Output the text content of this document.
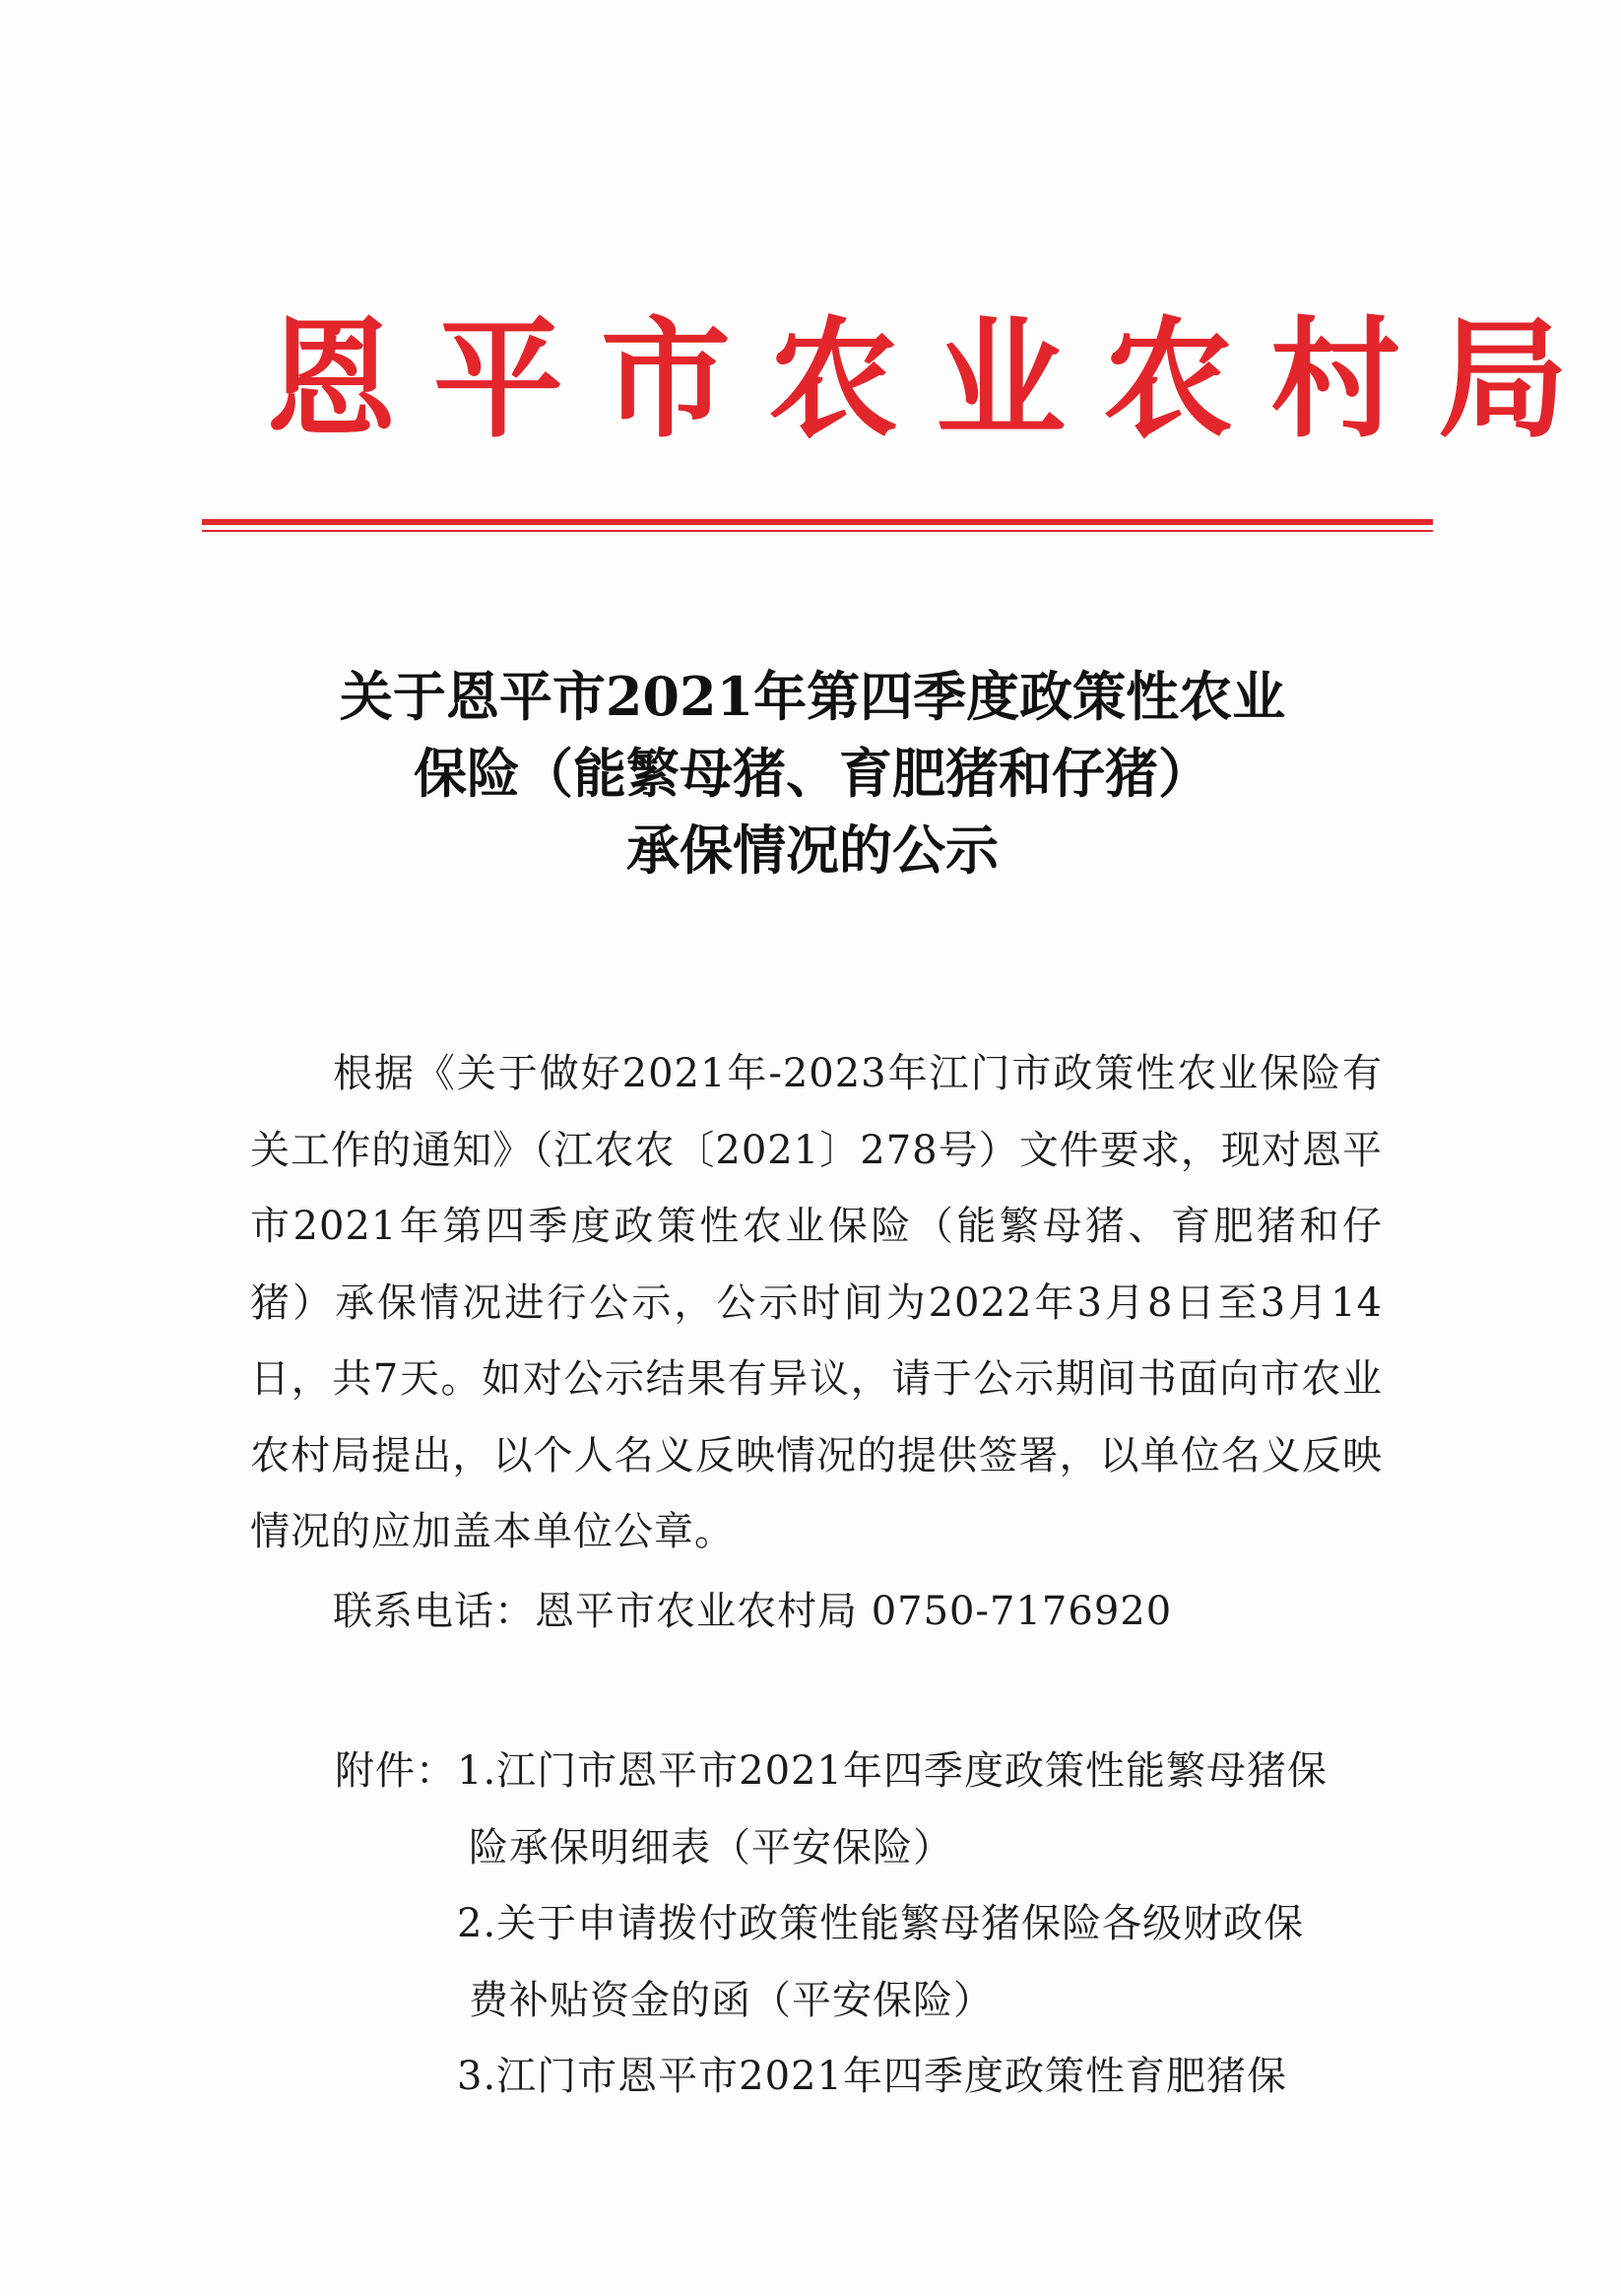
恩平市农业农村局
关于恩平市2021年第四季度政策性农业
保险（能繁母猪、育肥猪和仔猪）
承保情况的公示
根据《关于做好2021年-2023年江门市政策性农业保险有关工作的通知》（江农农〔2021〕278号）文件要求，现对恩平市2021年第四季度政策性农业保险（能繁母猪、育肥猪和仔猪）承保情况进行公示，公示时间为2022年3月8日至3月14日，共7天。如对公示结果有异议，请于公示期间书面向市农业农村局提出，以个人名义反映情况的提供签署，以单位名义反映情况的应加盖本单位公章。
联系电话：恩平市农业农村局 0750-7176920
附件： 1.江门市恩平市2021年四季度政策性能繁母猪保
险承保明细表（平安保险）
2.关于申请拨付政策性能繁母猪保险各级财政保
费补贴资金的函（平安保险）
3.江门市恩平市2021年四季度政策性育肥猪保
